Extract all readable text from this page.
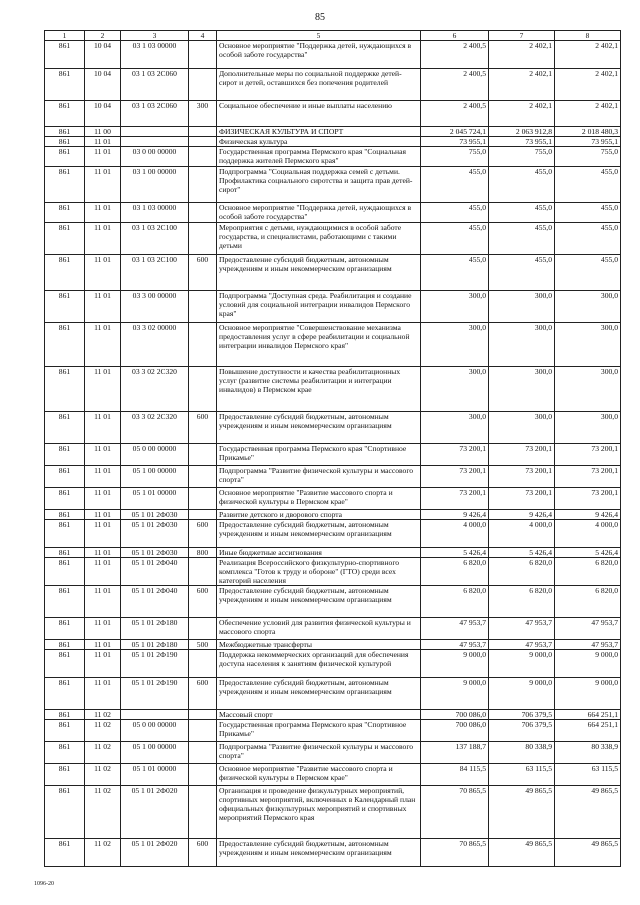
85
1	2	3	4	5	6	7	8
861	10 04	03 1 03 00000		Основное мероприятие "Поддержка детей, нуждающихся в особой заботе государства"	2 400,5	2 402,1	2 402,1
861	10 04	03 1 03 2С060		Дополнительные меры по социальной поддержке детей-сирот и детей, оставшихся без попечения родителей	2 400,5	2 402,1	2 402,1
861	10 04	03 1 03 2С060	300	Социальное обеспечение и иные выплаты населению	2 400,5	2 402,1	2 402,1
861	11 00			ФИЗИЧЕСКАЯ КУЛЬТУРА И СПОРТ	2 045 724,1	2 063 912,8	2 018 480,3
861	11 01			Физическая культура	73 955,1	73 955,1	73 955,1
861	11 01	03 0 00 00000		Государственная программа Пермского края "Социальная поддержка жителей Пермского края"	755,0	755,0	755,0
861	11 01	03 1 00 00000		Подпрограмма "Социальная поддержка семей с детьми. Профилактика социального сиротства и защита прав детей-сирот"	455,0	455,0	455,0
861	11 01	03 1 03 00000		Основное мероприятие "Поддержка детей, нуждающихся в особой заботе государства"	455,0	455,0	455,0
861	11 01	03 1 03 2С100		Мероприятия с детьми, нуждающимися в особой заботе государства, и специалистами, работающими с такими детьми	455,0	455,0	455,0
861	11 01	03 1 03 2С100	600	Предоставление субсидий бюджетным, автономным учреждениям и иным некоммерческим организациям	455,0	455,0	455,0
861	11 01	03 3 00 00000		Подпрограмма "Доступная среда. Реабилитация и создание условий для социальной интеграции инвалидов Пермского края"	300,0	300,0	300,0
861	11 01	03 3 02 00000		Основное мероприятие "Совершенствование механизма предоставления услуг в сфере реабилитации и социальной интеграции инвалидов Пермского края"	300,0	300,0	300,0
861	11 01	03 3 02 2С320		Повышение доступности и качества реабилитационных услуг (развитие системы реабилитации и интеграции инвалидов) в Пермском крае	300,0	300,0	300,0
861	11 01	03 3 02 2С320	600	Предоставление субсидий бюджетным, автономным учреждениям и иным некоммерческим организациям	300,0	300,0	300,0
861	11 01	05 0 00 00000		Государственная программа Пермского края "Спортивное Прикамье"	73 200,1	73 200,1	73 200,1
861	11 01	05 1 00 00000		Подпрограмма "Развитие физической культуры и массового спорта"	73 200,1	73 200,1	73 200,1
861	11 01	05 1 01 00000		Основное мероприятие "Развитие массового спорта и физической культуры в Пермском крае"	73 200,1	73 200,1	73 200,1
861	11 01	05 1 01 2Ф030		Развитие детского и дворового спорта	9 426,4	9 426,4	9 426,4
861	11 01	05 1 01 2Ф030	600	Предоставление субсидий бюджетным, автономным учреждениям и иным некоммерческим организациям	4 000,0	4 000,0	4 000,0
861	11 01	05 1 01 2Ф030	800	Иные бюджетные ассигнования	5 426,4	5 426,4	5 426,4
861	11 01	05 1 01 2Ф040		Реализация Всероссийского физкультурно-спортивного комплекса "Готов к труду и обороне" (ГТО) среди всех категорий населения	6 820,0	6 820,0	6 820,0
861	11 01	05 1 01 2Ф040	600	Предоставление субсидий бюджетным, автономным учреждениям и иным некоммерческим организациям	6 820,0	6 820,0	6 820,0
861	11 01	05 1 01 2Ф180		Обеспечение условий для развития физической культуры и массового спорта	47 953,7	47 953,7	47 953,7
861	11 01	05 1 01 2Ф180	500	Межбюджетные трансферты	47 953,7	47 953,7	47 953,7
861	11 01	05 1 01 2Ф190		Поддержка некоммерческих организаций для обеспечения доступа населения к занятиям физической культурой	9 000,0	9 000,0	9 000,0
861	11 01	05 1 01 2Ф190	600	Предоставление субсидий бюджетным, автономным учреждениям и иным некоммерческим организациям	9 000,0	9 000,0	9 000,0
861	11 02			Массовый спорт	700 086,0	706 379,5	664 251,1
861	11 02	05 0 00 00000		Государственная программа Пермского края "Спортивное Прикамье"	700 086,0	706 379,5	664 251,1
861	11 02	05 1 00 00000		Подпрограмма "Развитие физической культуры и массового спорта"	137 188,7	80 338,9	80 338,9
861	11 02	05 1 01 00000		Основное мероприятие "Развитие массового спорта и физической культуры в Пермском крае"	84 115,5	63 115,5	63 115,5
861	11 02	05 1 01 2Ф020		Организация и проведение физкультурных мероприятий, спортивных мероприятий, включенных в Календарный план официальных физкультурных мероприятий и спортивных мероприятий Пермского края	70 865,5	49 865,5	49 865,5
861	11 02	05 1 01 2Ф020	600	Предоставление субсидий бюджетным, автономным учреждениям и иным некоммерческим организациям	70 865,5	49 865,5	49 865,5
1096-20
